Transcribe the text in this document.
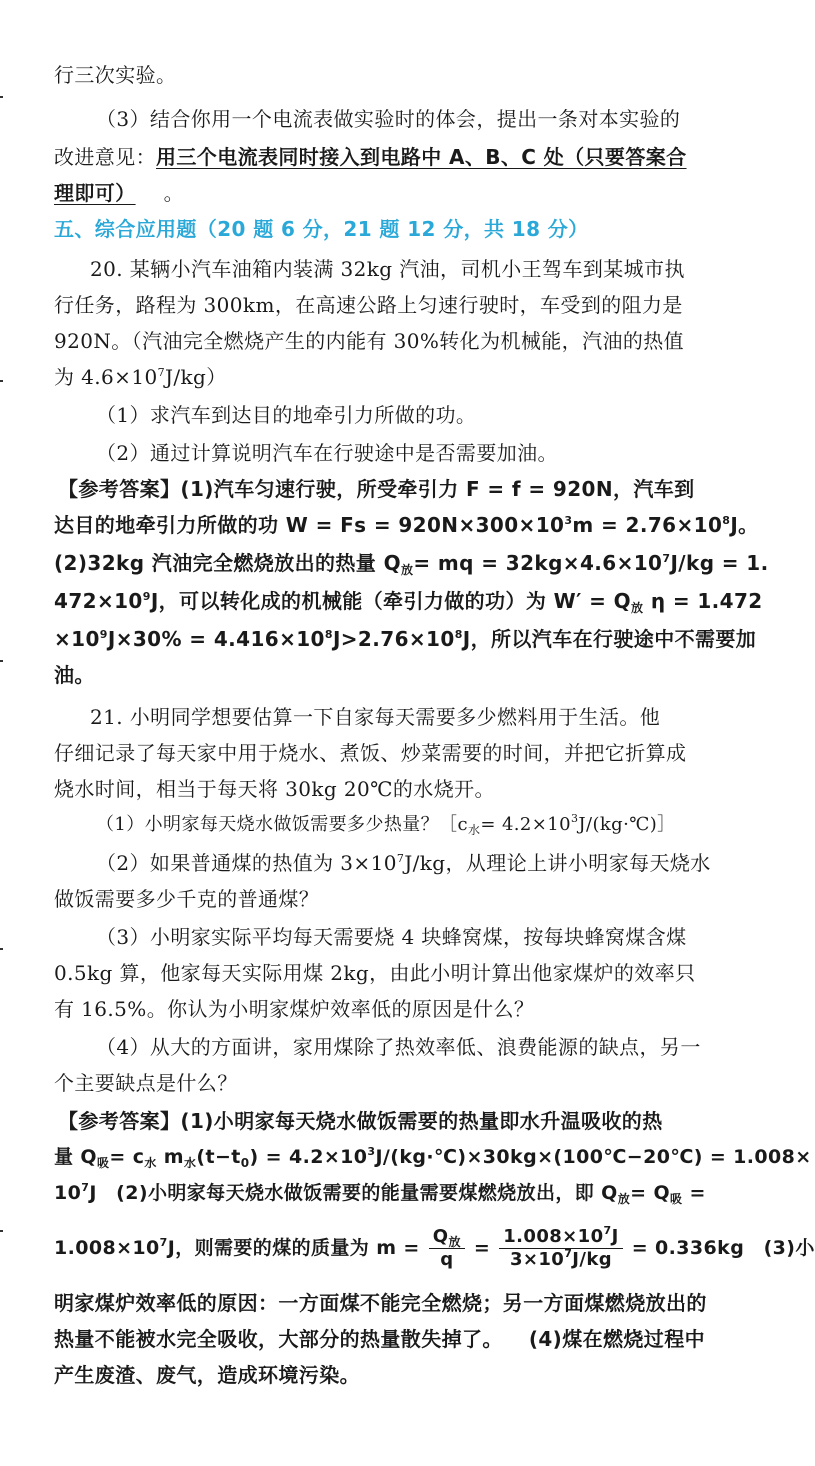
行三次实验。
（3）结合你用一个电流表做实验时的体会，提出一条对本实验的
改进意见：用三个电流表同时接入到电路中 A、B、C 处（只要答案合
理即可） 。
五、综合应用题（20 题 6 分，21 题 12 分，共 18 分）
20. 某辆小汽车油箱内装满 32kg 汽油，司机小王驾车到某城市执
行任务，路程为 300km，在高速公路上匀速行驶时，车受到的阻力是
920N。（汽油完全燃烧产生的内能有 30%转化为机械能，汽油的热值
为 $4.6\times 10^7J/kg$）
（1）求汽车到达目的地牵引力所做的功。
（2）通过计算说明汽车在行驶途中是否需要加油。
【参考答案】(1)汽车匀速行驶，所受牵引力 F = f = 920N，汽车到
达目的地牵引力所做的功 $W = Fs = 920N\times 300\times 10^3m = 2.76\times 10^8J$。
(2)32kg 汽油完全燃烧放出的热量 $Q_放=$ mq = $32kg\times 4.6\times 10^7J/kg = 1$.
$472\times 10^9J$，可以转化成的机械能（牵引力做的功）为 $W' = Q_放$ η = 1.472
$\times 10^9J\times 30\% = 4.416\times 10^8J>2.76\times 10^8J$，所以汽车在行驶途中不需要加
油。
21. 小明同学想要估算一下自家每天需要多少燃料用于生活。他
仔细记录了每天家中用于烧水、煮饭、炒菜需要的时间，并把它折算成
烧水时间，相当于每天将 30kg 20℃的水烧开。
（1）小明家每天烧水做饭需要多少热量？$[c_水=$ $4.2\times 10^3J/(kg\cdot℃)]$
（2）如果普通煤的热值为 $3\times 10^7J/kg$，从理论上讲小明家每天烧水
做饭需要多少千克的普通煤？
（3）小明家实际平均每天需要烧 4 块蜂窝煤，按每块蜂窝煤含煤
0.5kg 算，他家每天实际用煤 2kg，由此小明计算出他家煤炉的效率只
有 16.5%。你认为小明家煤炉效率低的原因是什么？
（4）从大的方面讲，家用煤除了热效率低、浪费能源的缺点，另一
个主要缺点是什么？
【参考答案】(1)小明家每天烧水做饭需要的热量即水升温吸收的热
量 $Q_吸= c_水$ $m_水(t-t_0)$ = $4.2\times 10^3J/(kg\cdot℃)\times 30kg\times(100℃-20℃) = 1.008\times$
$10^7J$　(2)小明家每天烧水做饭需要的能量需要煤燃烧放出，即 $Q_放= Q_吸$ =
$1.008\times 10^7J$，则需要的煤的质量为 $m = \frac{Q_放}{q} = \frac{1.008\times 10^7J}{3\times 10^7J/kg} = 0.336kg$　(3)小
明家煤炉效率低的原因：一方面煤不能完全燃烧；另一方面煤燃烧放出的
热量不能被水完全吸收，大部分的热量散失掉了。 (4)煤在燃烧过程中
产生废渣、废气，造成环境污染。
